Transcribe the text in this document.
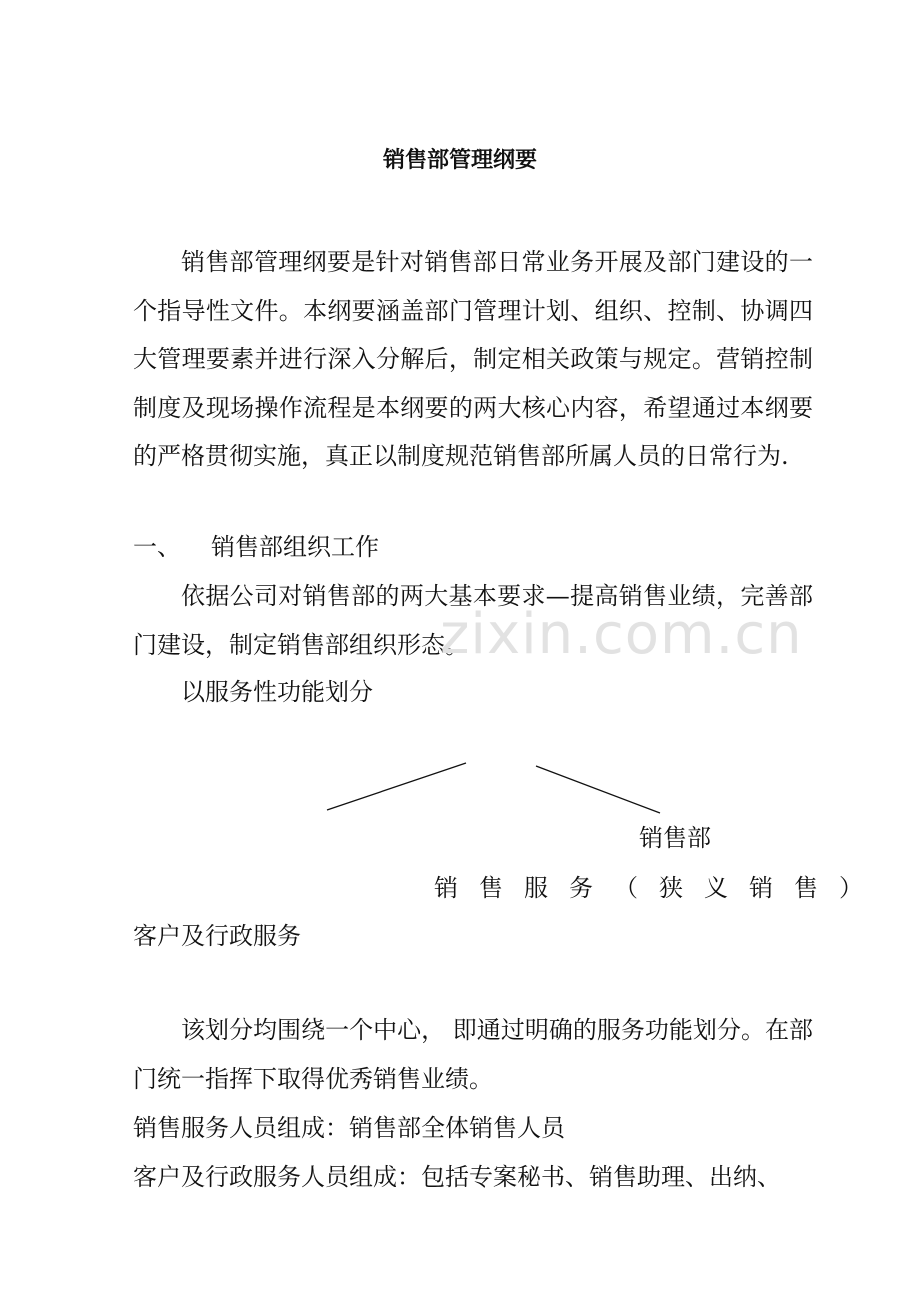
销售部管理纲要

销售部管理纲要是针对销售部日常业务开展及部门建设的一个指导性文件。本纲要涵盖部门管理计划、组织、控制、协调四大管理要素并进行深入分解后，制定相关政策与规定。营销控制制度及现场操作流程是本纲要的两大核心内容，希望通过本纲要的严格贯彻实施，真正以制度规范销售部所属人员的日常行为.

一、 销售部组织工作

依据公司对销售部的两大基本要求—提高销售业绩，完善部门建设，制定销售部组织形态。

以服务性功能划分
销售部
销售服务（狭义销售）
客户及行政服务

该划分均围绕一个中心， 即通过明确的服务功能划分。在部门统一指挥下取得优秀销售业绩。

销售服务人员组成：销售部全体销售人员
客户及行政服务人员组成：包括专案秘书、销售助理、出纳、
zixin.com.cn
